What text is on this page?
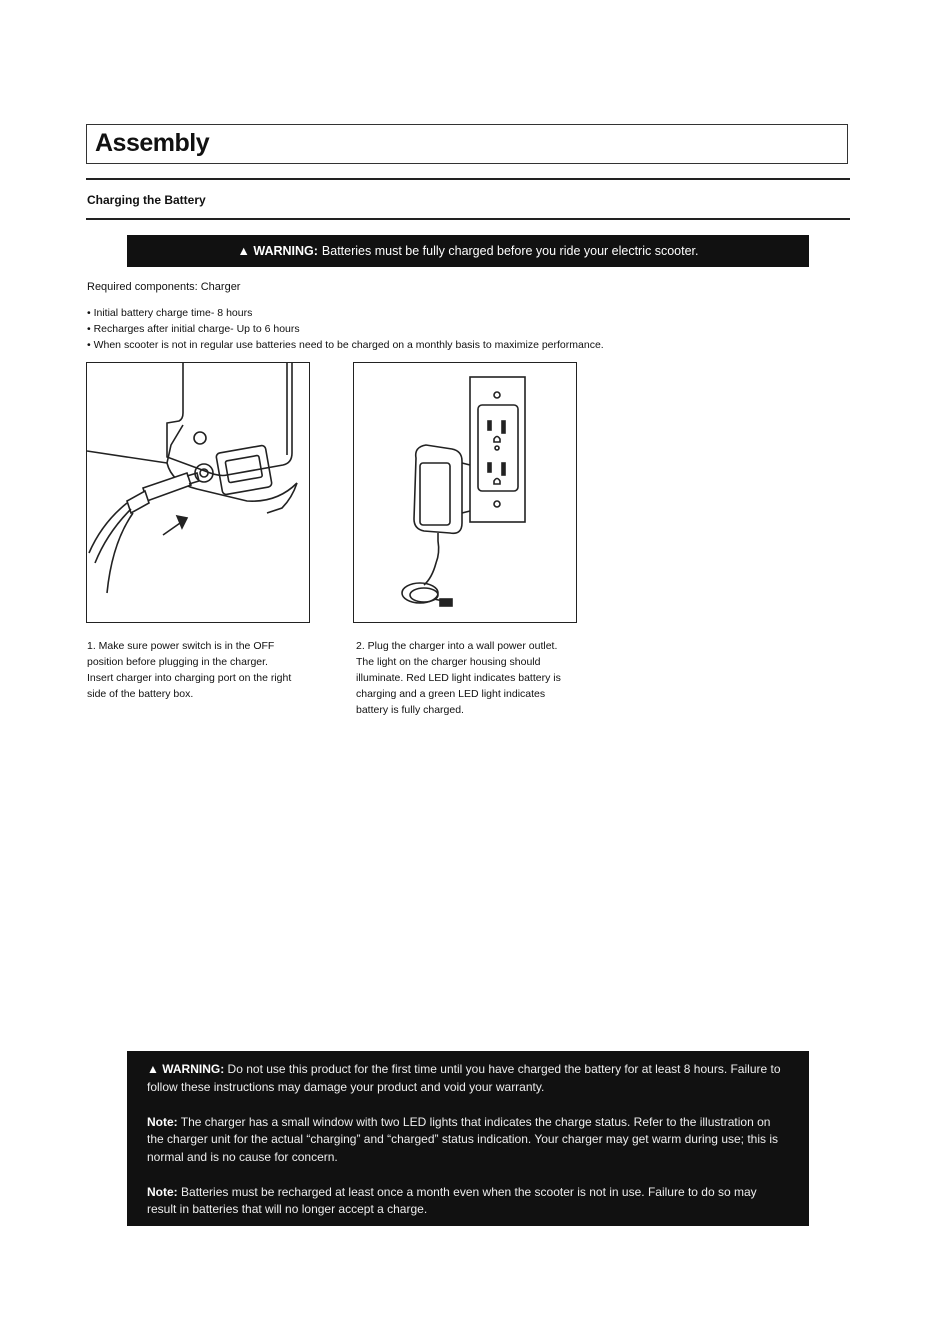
Assembly
Charging the Battery
▲ WARNING: Batteries must be fully charged before you ride your electric scooter.
Required components: Charger
• Initial battery charge time- 8 hours
• Recharges after initial charge- Up to 6 hours
• When scooter is not in regular use batteries need to be charged on a monthly basis to maximize performance.

1. Make sure power switch is in the OFF
position before plugging in the charger.
Insert charger into charging port on the right
side of the battery box.

2. Plug the charger into a wall power outlet.
The light on the charger housing should
illuminate. Red LED light indicates battery is
charging and a green LED light indicates
battery is fully charged.

▲ WARNING: Do not use this product for the first time until you have charged the battery for at least 8 hours. Failure to follow these instructions may damage your product and void your warranty.

Note: The charger has a small window with two LED lights that indicates the charge status. Refer to the illustration on the charger unit for the actual “charging” and “charged” status indication. Your charger may get warm during use; this is normal and is no cause for concern.

Note: Batteries must be recharged at least once a month even when the scooter is not in use. Failure to do so may result in batteries that will no longer accept a charge.
